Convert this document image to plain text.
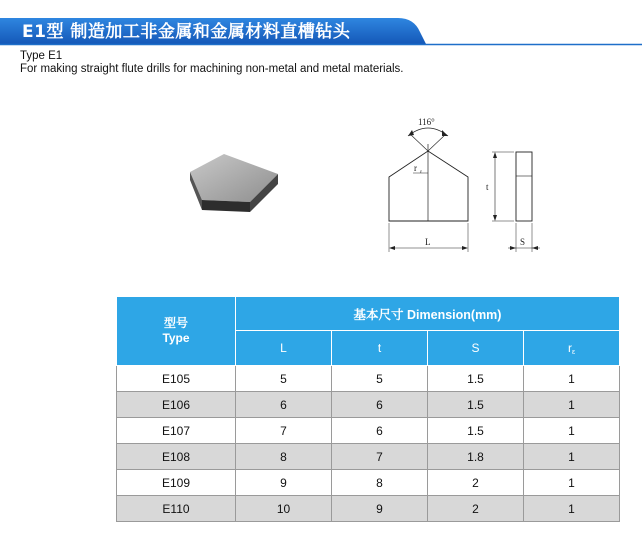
E1型 制造加工非金属和金属材料直槽钻头
Type E1
For making straight flute drills for machining non-metal and metal materials.
116°
r ε
L
t
S
型号
Type	基本尺寸 Dimension(mm)			
	L	t	S	$r_\varepsilon$
E105	5	5	1.5	1
E106	6	6	1.5	1
E107	7	6	1.5	1
E108	8	7	1.8	1
E109	9	8	2	1
E110	10	9	2	1
